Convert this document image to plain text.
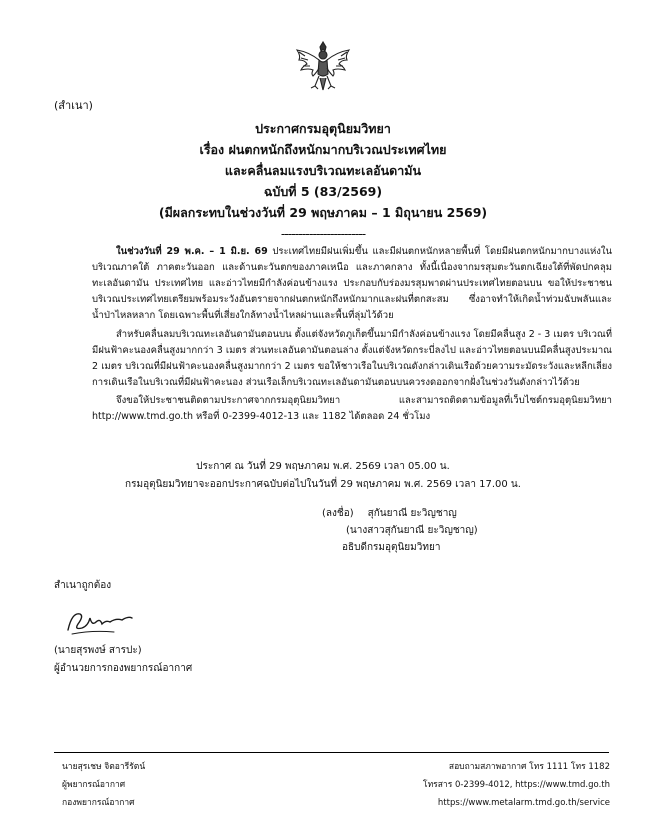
(สำเนา)
ประกาศกรมอุตุนิยมวิทยา
เรื่อง ฝนตกหนักถึงหนักมากบริเวณประเทศไทย
และคลื่นลมแรงบริเวณทะเลอันดามัน
ฉบับที่ 5 (83/2569)
(มีผลกระทบในช่วงวันที่ 29 พฤษภาคม – 1 มิถุนายน 2569)
------------------------

ในช่วงวันที่ 29 พ.ค. – 1 มิ.ย. 69 ประเทศไทยมีฝนเพิ่มขึ้น และมีฝนตกหนักหลายพื้นที่ โดยมีฝนตกหนักมากบางแห่งในบริเวณภาคใต้ ภาคตะวันออก และด้านตะวันตกของภาคเหนือ และภาคกลาง ทั้งนี้เนื่องจากมรสุมตะวันตกเฉียงใต้ที่พัดปกคลุมทะเลอันดามัน ประเทศไทย และอ่าวไทยมีกำลังค่อนข้างแรง ประกอบกับร่องมรสุมพาดผ่านประเทศไทยตอนบน ขอให้ประชาชนบริเวณประเทศไทยเตรียมพร้อมระวังอันตรายจากฝนตกหนักถึงหนักมากและฝนที่ตกสะสม ซึ่งอาจทำให้เกิดน้ำท่วมฉับพลันและน้ำป่าไหลหลาก โดยเฉพาะพื้นที่เสี่ยงใกล้ทางน้ำไหลผ่านและพื้นที่ลุ่มไว้ด้วย

สำหรับคลื่นลมบริเวณทะเลอันดามันตอนบน ตั้งแต่จังหวัดภูเก็ตขึ้นมามีกำลังค่อนข้างแรง โดยมีคลื่นสูง 2 - 3 เมตร บริเวณที่มีฝนฟ้าคะนองคลื่นสูงมากกว่า 3 เมตร ส่วนทะเลอันดามันตอนล่าง ตั้งแต่จังหวัดกระบี่ลงไป และอ่าวไทยตอนบนมีคลื่นสูงประมาณ 2 เมตร บริเวณที่มีฝนฟ้าคะนองคลื่นสูงมากกว่า 2 เมตร ขอให้ชาวเรือในบริเวณดังกล่าวเดินเรือด้วยความระมัดระวังและหลีกเลี่ยงการเดินเรือในบริเวณที่มีฝนฟ้าคะนอง ส่วนเรือเล็กบริเวณทะเลอันดามันตอนบนควรงดออกจากฝั่งในช่วงวันดังกล่าวไว้ด้วย

จึงขอให้ประชาชนติดตามประกาศจากกรมอุตุนิยมวิทยา และสามารถติดตามข้อมูลที่เว็บไซต์กรมอุตุนิยมวิทยา http://www.tmd.go.th หรือที่ 0-2399-4012-13 และ 1182 ได้ตลอด 24 ชั่วโมง

ประกาศ ณ วันที่ 29 พฤษภาคม พ.ศ. 2569 เวลา 05.00 น.
กรมอุตุนิยมวิทยาจะออกประกาศฉบับต่อไปในวันที่ 29 พฤษภาคม พ.ศ. 2569 เวลา 17.00 น.
(ลงชื่อ) สุกันยาณี ยะวิญชาญ
(นางสาวสุกันยาณี ยะวิญชาญ)
อธิบดีกรมอุตุนิยมวิทยา
สำเนาถูกต้อง
(นายสุรพงษ์ สารปะ)
ผู้อำนวยการกองพยากรณ์อากาศ
นายสุรเชษ จิตอารีรัตน์
ผู้พยากรณ์อากาศ
กองพยากรณ์อากาศ
สอบถามสภาพอากาศ โทร 1111 โทร 1182
โทรสาร 0-2399-4012, https://www.tmd.go.th
https://www.metalarm.tmd.go.th/service
